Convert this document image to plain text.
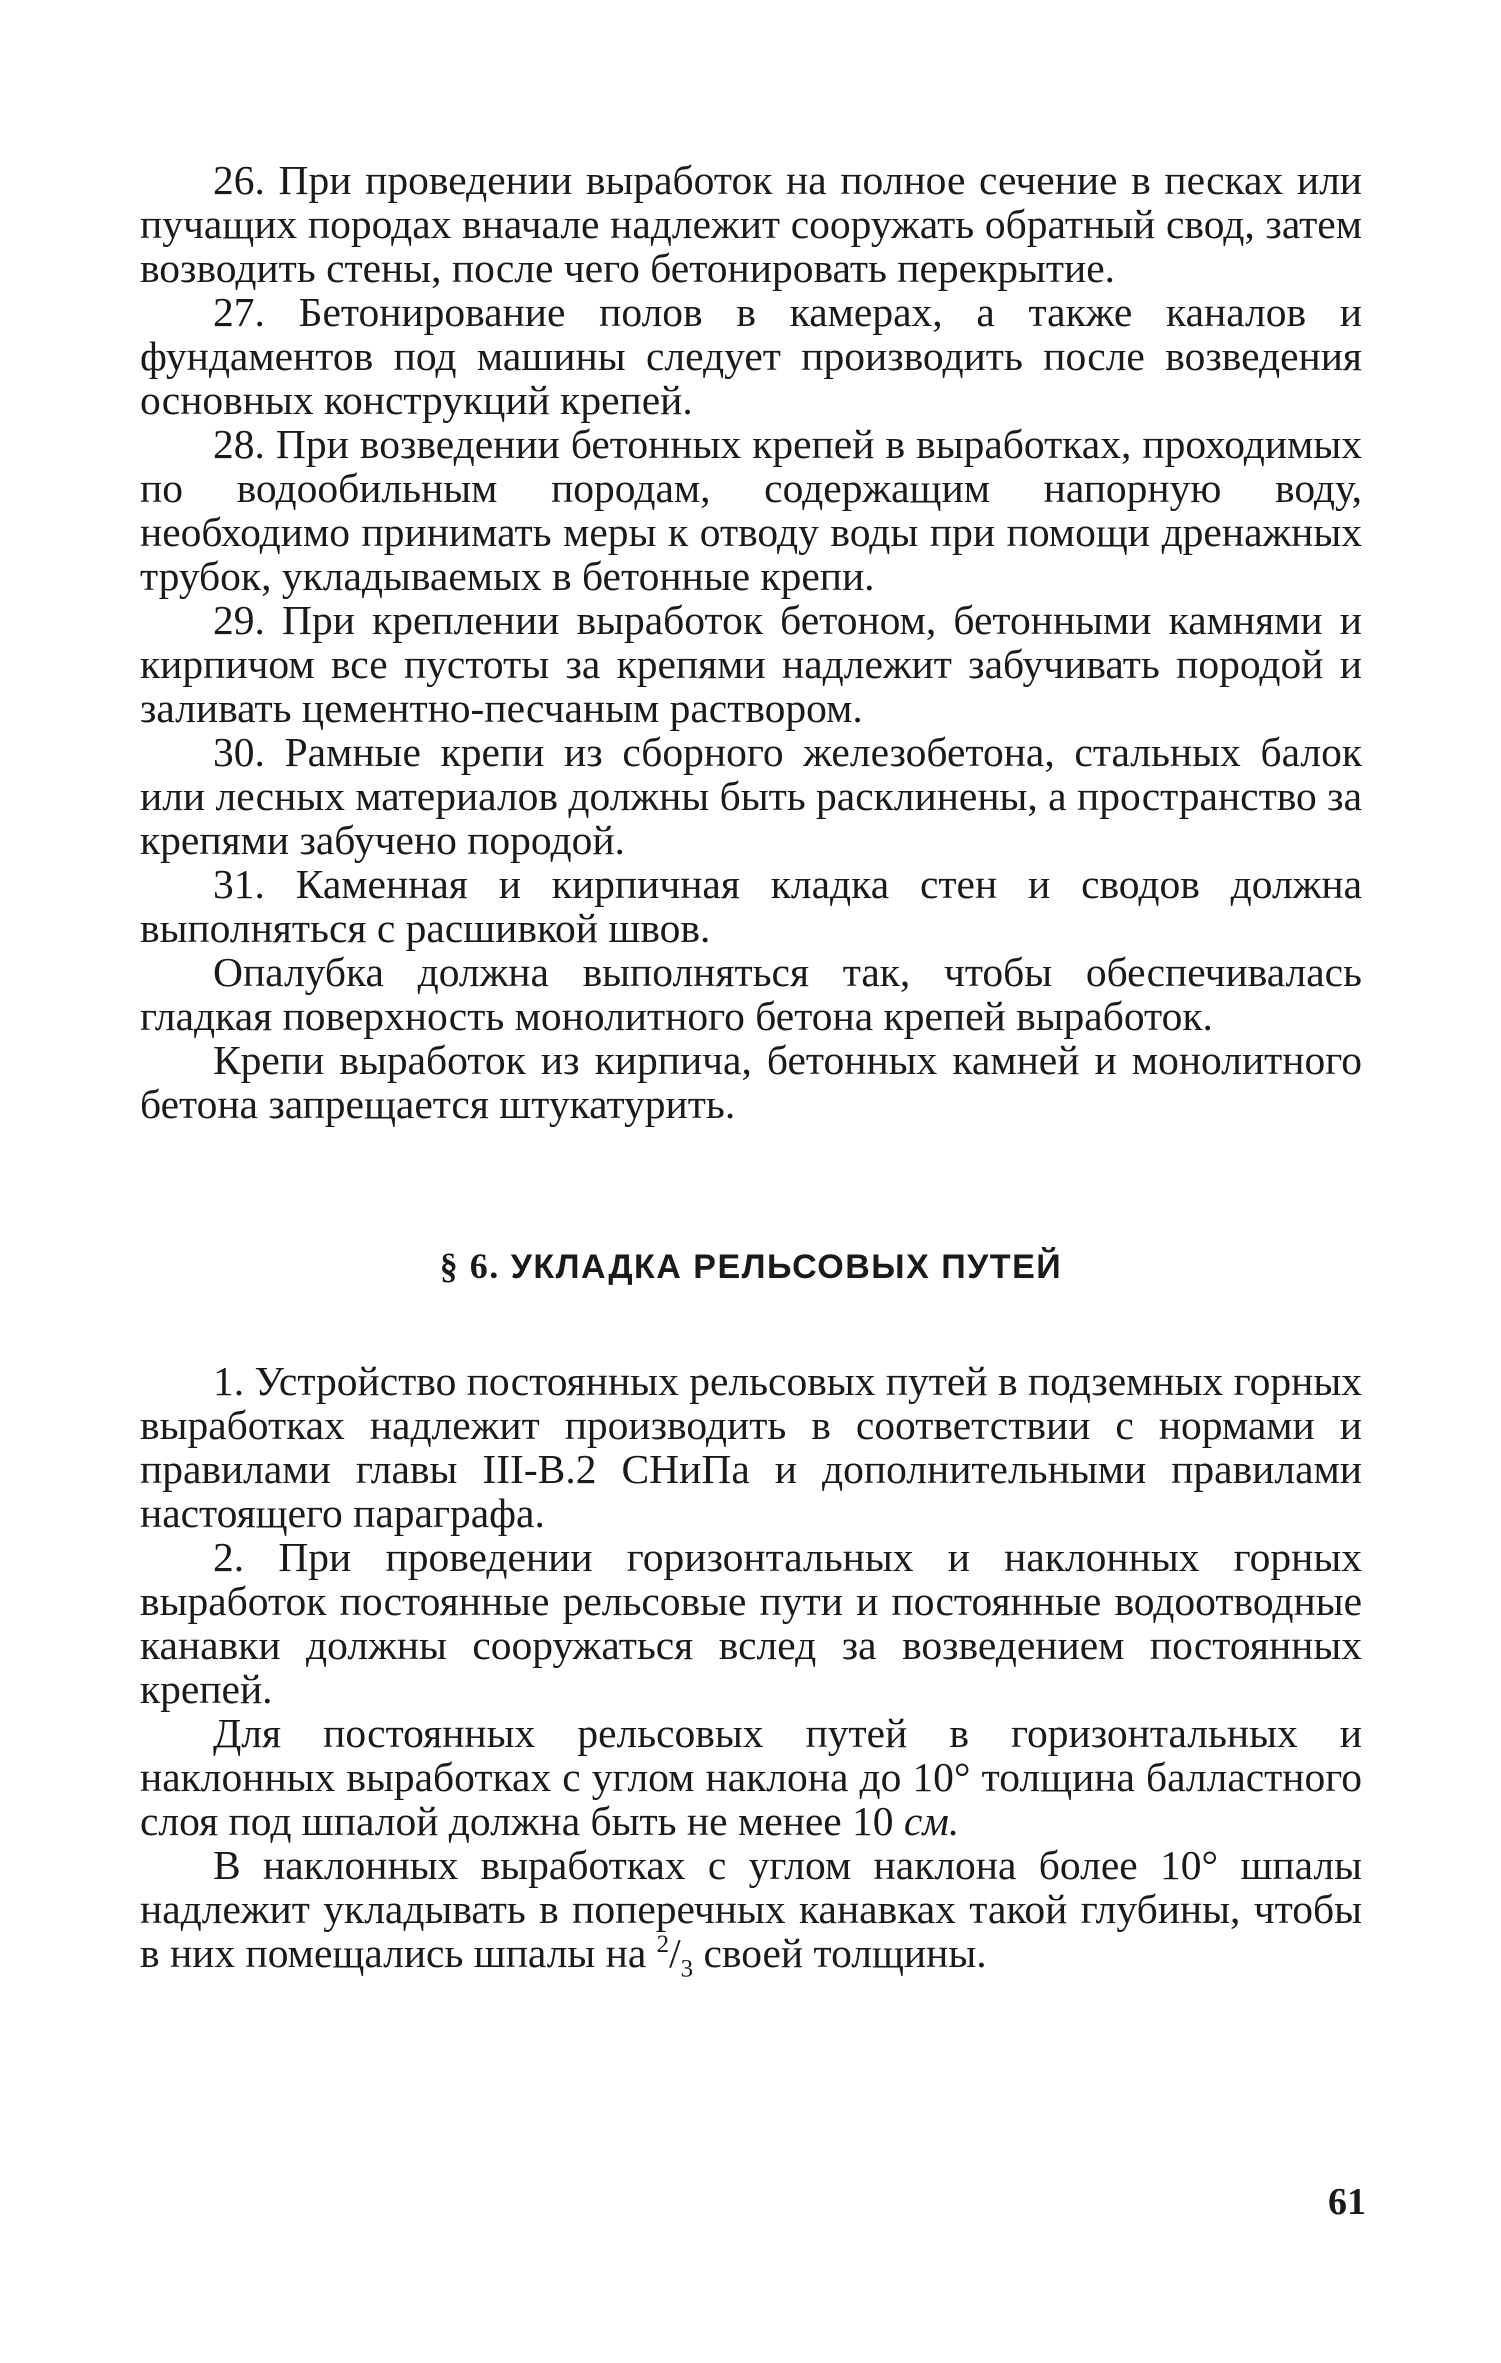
26. При проведении выработок на полное сечение в песках или пучащих породах вначале надлежит сооружать обратный свод, затем возводить стены, после чего бетонировать перекрытие.

27. Бетонирование полов в камерах, а также каналов и фундаментов под машины следует производить после возведения основных конструкций крепей.

28. При возведении бетонных крепей в выработках, проходимых по водообильным породам, содержащим напорную воду, необходимо принимать меры к отводу воды при помощи дренажных трубок, укладываемых в бетонные крепи.

29. При креплении выработок бетоном, бетонными камнями и кирпичом все пустоты за крепями надлежит забучивать породой и заливать цементно-песчаным раствором.

30. Рамные крепи из сборного железобетона, стальных балок или лесных материалов должны быть расклинены, а пространство за крепями забучено породой.

31. Каменная и кирпичная кладка стен и сводов должна выполняться с расшивкой швов.

Опалубка должна выполняться так, чтобы обеспечивалась гладкая поверхность монолитного бетона крепей выработок.

Крепи выработок из кирпича, бетонных камней и монолитного бетона запрещается штукатурить.

§ 6. УКЛАДКА РЕЛЬСОВЫХ ПУТЕЙ

1. Устройство постоянных рельсовых путей в подземных горных выработках надлежит производить в соответствии с нормами и правилами главы III-В.2 СНиПа и дополнительными правилами настоящего параграфа.

2. При проведении горизонтальных и наклонных горных выработок постоянные рельсовые пути и постоянные водоотводные канавки должны сооружаться вслед за возведением постоянных крепей.

Для постоянных рельсовых путей в горизонтальных и наклонных выработках с углом наклона до 10° толщина балластного слоя под шпалой должна быть не менее 10 см.

В наклонных выработках с углом наклона более 10° шпалы надлежит укладывать в поперечных канавках такой глубины, чтобы в них помещались шпалы на $^2/_3$ своей толщины.

61
